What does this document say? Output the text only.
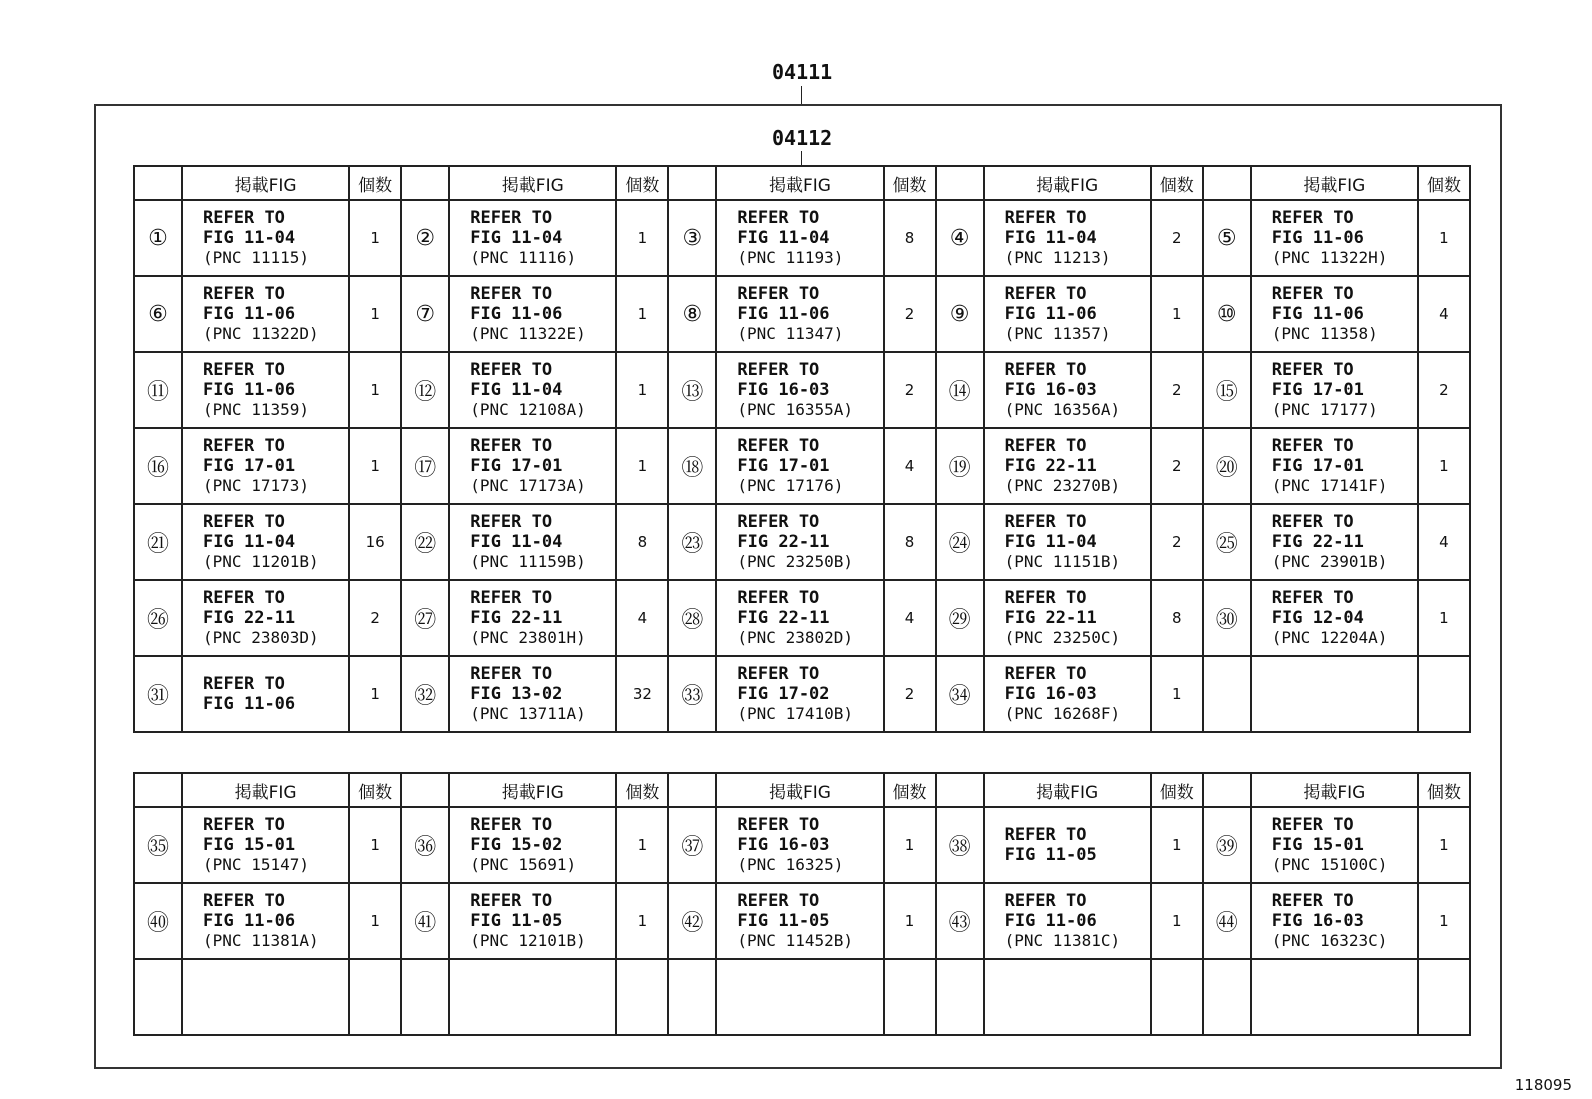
04111
04112
	掲載FIG	個数		掲載FIG	個数		掲載FIG	個数		掲載FIG	個数		掲載FIG	個数
①	REFER TO
FIG 11-04
(PNC 11115)	1	②	REFER TO
FIG 11-04
(PNC 11116)	1	③	REFER TO
FIG 11-04
(PNC 11193)	8	④	REFER TO
FIG 11-04
(PNC 11213)	2	⑤	REFER TO
FIG 11-06
(PNC 11322H)	1
⑥	REFER TO
FIG 11-06
(PNC 11322D)	1	⑦	REFER TO
FIG 11-06
(PNC 11322E)	1	⑧	REFER TO
FIG 11-06
(PNC 11347)	2	⑨	REFER TO
FIG 11-06
(PNC 11357)	1	⑩	REFER TO
FIG 11-06
(PNC 11358)	4
⑪	REFER TO
FIG 11-06
(PNC 11359)	1	⑫	REFER TO
FIG 11-04
(PNC 12108A)	1	⑬	REFER TO
FIG 16-03
(PNC 16355A)	2	⑭	REFER TO
FIG 16-03
(PNC 16356A)	2	⑮	REFER TO
FIG 17-01
(PNC 17177)	2
⑯	REFER TO
FIG 17-01
(PNC 17173)	1	⑰	REFER TO
FIG 17-01
(PNC 17173A)	1	⑱	REFER TO
FIG 17-01
(PNC 17176)	4	⑲	REFER TO
FIG 22-11
(PNC 23270B)	2	⑳	REFER TO
FIG 17-01
(PNC 17141F)	1
㉑	REFER TO
FIG 11-04
(PNC 11201B)	16	㉒	REFER TO
FIG 11-04
(PNC 11159B)	8	㉓	REFER TO
FIG 22-11
(PNC 23250B)	8	㉔	REFER TO
FIG 11-04
(PNC 11151B)	2	㉕	REFER TO
FIG 22-11
(PNC 23901B)	4
㉖	REFER TO
FIG 22-11
(PNC 23803D)	2	㉗	REFER TO
FIG 22-11
(PNC 23801H)	4	㉘	REFER TO
FIG 22-11
(PNC 23802D)	4	㉙	REFER TO
FIG 22-11
(PNC 23250C)	8	㉚	REFER TO
FIG 12-04
(PNC 12204A)	1
㉛	REFER TO
FIG 11-06	1	㉜	REFER TO
FIG 13-02
(PNC 13711A)	32	㉝	REFER TO
FIG 17-02
(PNC 17410B)	2	㉞	REFER TO
FIG 16-03
(PNC 16268F)	1		

	掲載FIG	個数		掲載FIG	個数		掲載FIG	個数		掲載FIG	個数		掲載FIG	個数
㉟	REFER TO
FIG 15-01
(PNC 15147)	1	㊱	REFER TO
FIG 15-02
(PNC 15691)	1	㊲	REFER TO
FIG 16-03
(PNC 16325)	1	㊳	REFER TO
FIG 11-05	1	㊴	REFER TO
FIG 15-01
(PNC 15100C)	1
㊵	REFER TO
FIG 11-06
(PNC 11381A)	1	㊶	REFER TO
FIG 11-05
(PNC 12101B)	1	㊷	REFER TO
FIG 11-05
(PNC 11452B)	1	㊸	REFER TO
FIG 11-06
(PNC 11381C)	1	㊹	REFER TO
FIG 16-03
(PNC 16323C)	1

118095
